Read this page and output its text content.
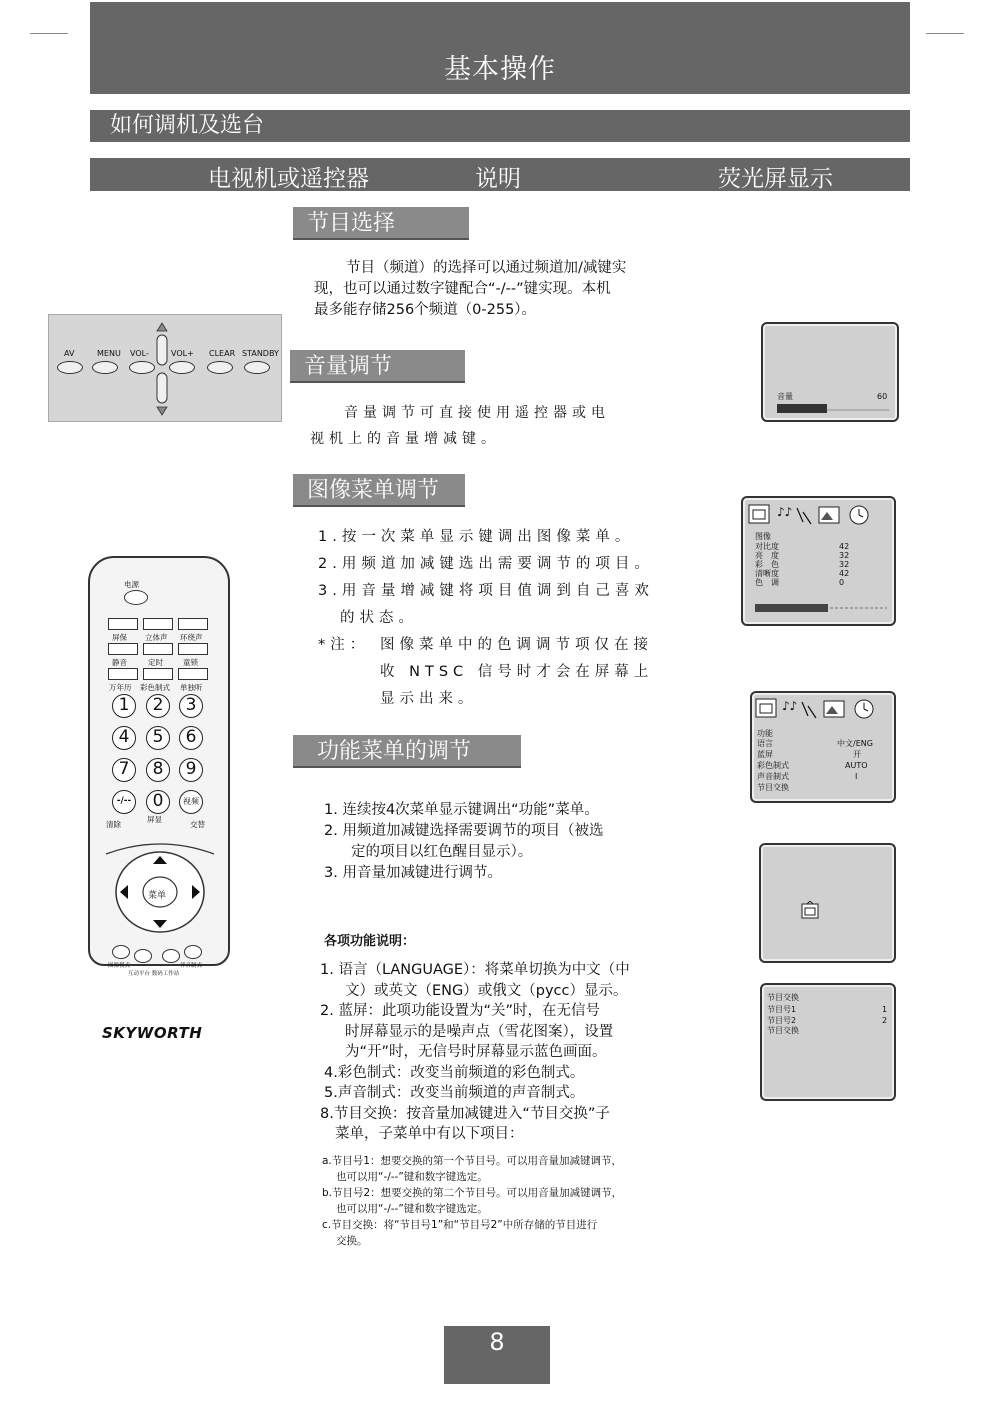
基本操作
如何调机及选台
电视机或遥控器	说明	荧光屏显示
节目选择
节目（频道）的选择可以通过频道加/减键实
现，也可以通过数字键配合“-/--”键实现。本机
最多能存储256个频道（0-255）。
AV	MENU VOL-	VOL+ CLEAR STANDBY
音量调节
音量调节可直接使用遥控器或电
视机上的音量增减键。
图像菜单调节
1.按一次菜单显示键调出图像菜单。
2.用频道加减键选出需要调节的项目。
3.用音量增减键将项目值调到自己喜欢
的状态。
*注： 图像菜单中的色调调节项仅在接
收 NTSC 信号时才会在屏幕上
显示出来。
功能菜单的调节
1. 连续按4次菜单显示键调出“功能”菜单。
2. 用频道加减键选择需要调节的项目（被选
定的项目以红色醒目显示）。
3. 用音量加减键进行调节。
各项功能说明：
1. 语言（LANGUAGE）：将菜单切换为中文（中
文）或英文（ENG）或俄文（pycc）显示。
2. 蓝屏：此项功能设置为“关”时，在无信号
时屏幕显示的是噪声点（雪花图案），设置
为“开”时，无信号时屏幕显示蓝色画面。
4.彩色制式：改变当前频道的彩色制式。
5.声音制式：改变当前频道的声音制式。
8.节目交换：按音量加减键进入“节目交换”子
菜单，子菜单中有以下项目：
a.节目号1：想要交换的第一个节目号。可以用音量加减键调节，
也可以用“-/--”键和数字键选定。
b.节目号2：想要交换的第二个节目号。可以用音量加减键调节，
也可以用“-/--”键和数字键选定。
c.节目交换：将“节目号1”和“节目号2”中所存储的节目进行
交换。
电源
屏保 立体声 环绕声
静音	定时	童锁
万年历 彩色制式 单独听
1	2	3
4	5	6
7	8	9
-/--	0	视频
清除
屏显
交替
菜单
图像模式	伴音制式
互动平台 数码工作站
SKYWORTH
音量	60
♪♪
图像
对比度	42
亮　度	32
彩　色	32
清晰度	42
色　调	0
♪♪
功能
语言	中文/ENG
蓝屏	开
彩色制式	AUTO
声音制式	I
节目交换
节目交换
节目号1	1
节目号2	2
节目交换
8
